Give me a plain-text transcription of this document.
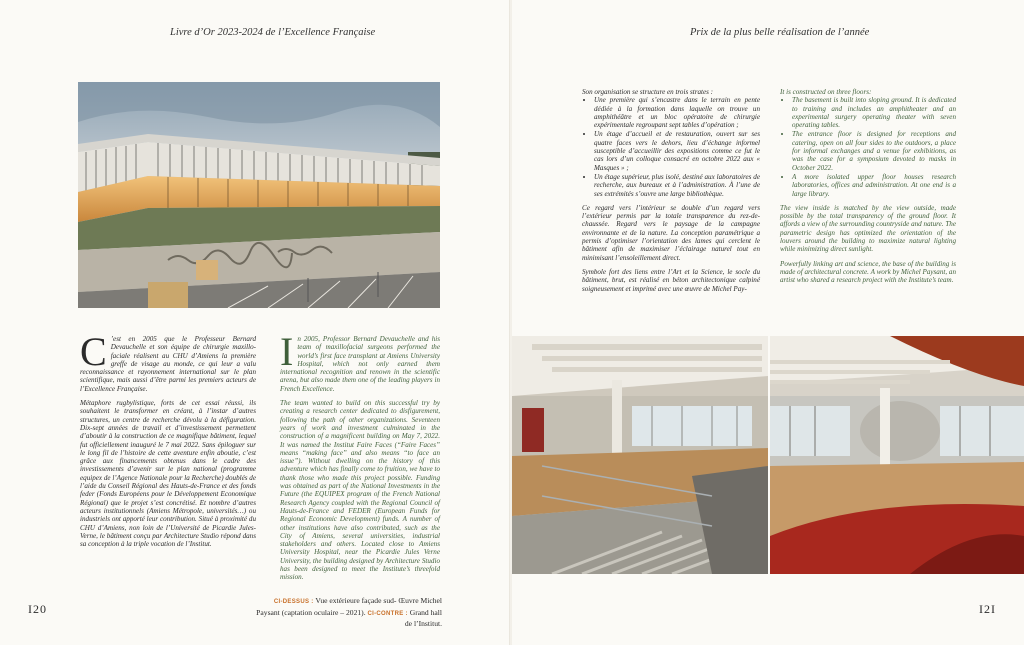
Livre d’Or 2023-2024 de l’Excellence Française

C ’est en 2005 que le Professeur Bernard Devauchelle et son équipe de chirurgie maxillo-faciale réalisent au CHU d’Amiens la première greffe de visage au monde, ce qui leur a valu reconnaissance et rayonnement international sur le plan scientifique, mais aussi d’être parmi les premiers acteurs de l’Excellence Française.

Métaphore rugbylistique, forts de cet essai réussi, ils souhaitent le transformer en créant, à l’instar d’autres structures, un centre de recherche dévolu à la défiguration. Dix-sept années de travail et d’investissement permettent d’aboutir à la construction de ce magnifique bâtiment, lequel fut officiellement inauguré le 7 mai 2022. Sans épiloguer sur le long fil de l’histoire de cette aventure enfin aboutie, c’est grâce aux financements obtenus dans le cadre des investissements d’avenir sur le plan national (programme equipex de l’Agence Nationale pour la Recherche) doublés de l’aide du Conseil Régional des Hauts-de-France et des fonds feder (Fonds Européens pour le Développement Economique Régional) que le projet s’est concrétisé. Et nombre d’autres acteurs institutionnels (Amiens Métropole, universités…) ou industriels ont apporté leur contribution. Situé à proximité du CHU d’Amiens, non loin de l’Université de Picardie Jules-Verne, le bâtiment conçu par Architecture Studio répond dans sa conception à la triple vocation de l’Institut.

In 2005, Professor Bernard Devauchelle and his team of maxillofacial surgeons performed the world’s first face transplant at Amiens University Hospital, which not only earned them international recognition and renown in the scientific arena, but also made them one of the leading players in French Excellence.

The team wanted to build on this successful try by creating a research center dedicated to disfigurement, following the path of other organizations. Seventeen years of work and investment culminated in the construction of a magnificent building on May 7, 2022. It was named the Institut Faire Faces (“Faire Faces” means “making face” and also means “to face an issue”). Without dwelling on the history of this adventure which has finally come to fruition, we have to thank those who made this project possible. Funding was obtained as part of the National Investments in the Future (the EQUIPEX program of the French National Research Agency coupled with the Regional Council of Hauts-de-France and FEDER (European Funds for Regional Economic Development) funds. A number of other institutions have also contributed, such as the City of Amiens, several universities, industrial stakeholders and others. Located close to Amiens University Hospital, near the Picardie Jules Verne University, the building designed by Architecture Studio has been designed to meet the Institute’s threefold mission.

I20	CI-DESSUS : Vue extérieure façade sud- Œuvre Michel Paysant (captation oculaire – 2021). CI-CONTRE : Grand hall de l’Institut.
Prix de la plus belle réalisation de l’année

Son organisation se structure en trois strates :

• Une première qui s’encastre dans le terrain en pente dédiée à la formation dans laquelle on trouve un amphithéâtre et un bloc opératoire de chirurgie expérimentale regroupant sept tables d’opération ;
• Un étage d’accueil et de restauration, ouvert sur ses quatre faces vers le dehors, lieu d’échange informel susceptible d’accueillir des expositions comme ce fut le cas lors d’un colloque consacré en octobre 2022 aux « Masques » ;
• Un étage supérieur, plus isolé, destiné aux laboratoires de recherche, aux bureaux et à l’administration. À l’une de ses extrémités s’ouvre une large bibliothèque.

Ce regard vers l’intérieur se double d’un regard vers l’extérieur permis par la totale transparence du rez-de-chaussée. Regard vers le paysage de la campagne environnante et de la nature. La conception paramétrique a permis d’optimiser l’orientation des lames qui cerclent le bâtiment afin de maximiser l’éclairage naturel tout en minimisant l’ensoleillement direct.

Symbole fort des liens entre l’Art et la Science, le socle du bâtiment, brut, est réalisé en béton architectonique calpiné soigneusement et imprimé avec une œuvre de Michel Pay-

It is constructed on three floors:

• The basement is built into sloping ground. It is dedicated to training and includes an amphitheater and an experimental surgery operating theater with seven operating tables.
• The entrance floor is designed for receptions and catering, open on all four sides to the outdoors, a place for informal exchanges and a venue for exhibitions, as was the case for a symposium devoted to masks in October 2022.
• A more isolated upper floor houses research laboratories, offices and administration. At one end is a large library.

The view inside is matched by the view outside, made possible by the total transparency of the ground floor. It affords a view of the surrounding countryside and nature. The parametric design has optimized the orientation of the louvers around the building to maximize natural lighting while minimizing direct sunlight.

Powerfully linking art and science, the base of the building is made of architectural concrete. A work by Michel Paysant, an artist who shared a research project with the Institute’s team.

I2I
